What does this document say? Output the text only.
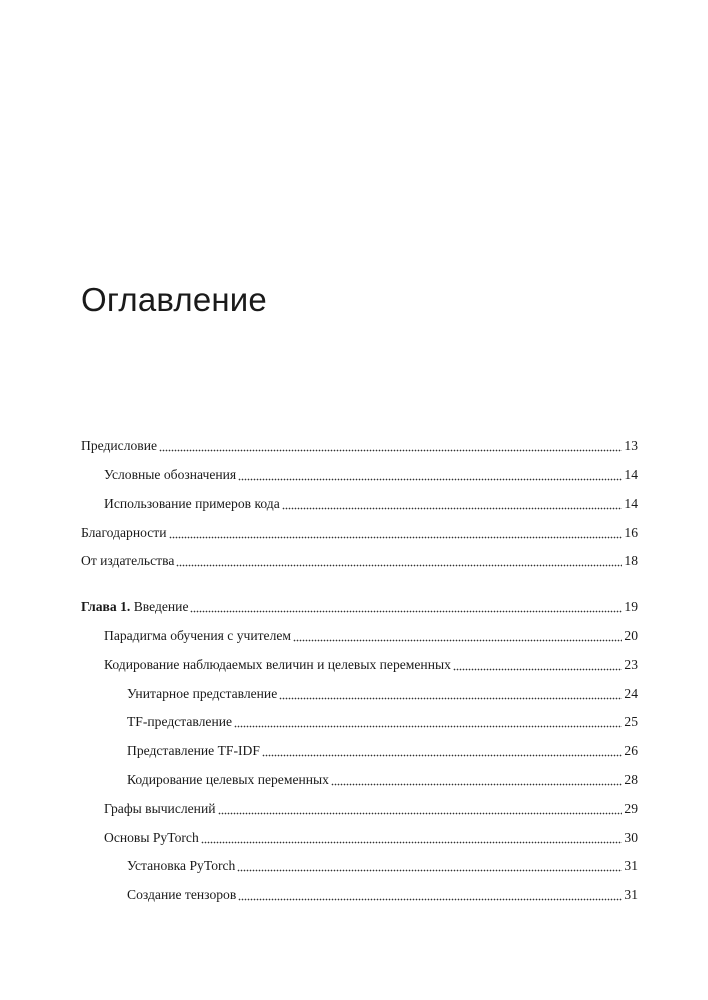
Оглавление
Предисловие	13
Условные обозначения	14
Использование примеров кода	14
Благодарности	16
От издательства	18
Глава 1. Введение	19
Парадигма обучения с учителем	20
Кодирование наблюдаемых величин и целевых переменных	23
Унитарное представление	24
TF-представление	25
Представление TF-IDF	26
Кодирование целевых переменных	28
Графы вычислений	29
Основы PyTorch	30
Установка PyTorch	31
Создание тензоров	31
